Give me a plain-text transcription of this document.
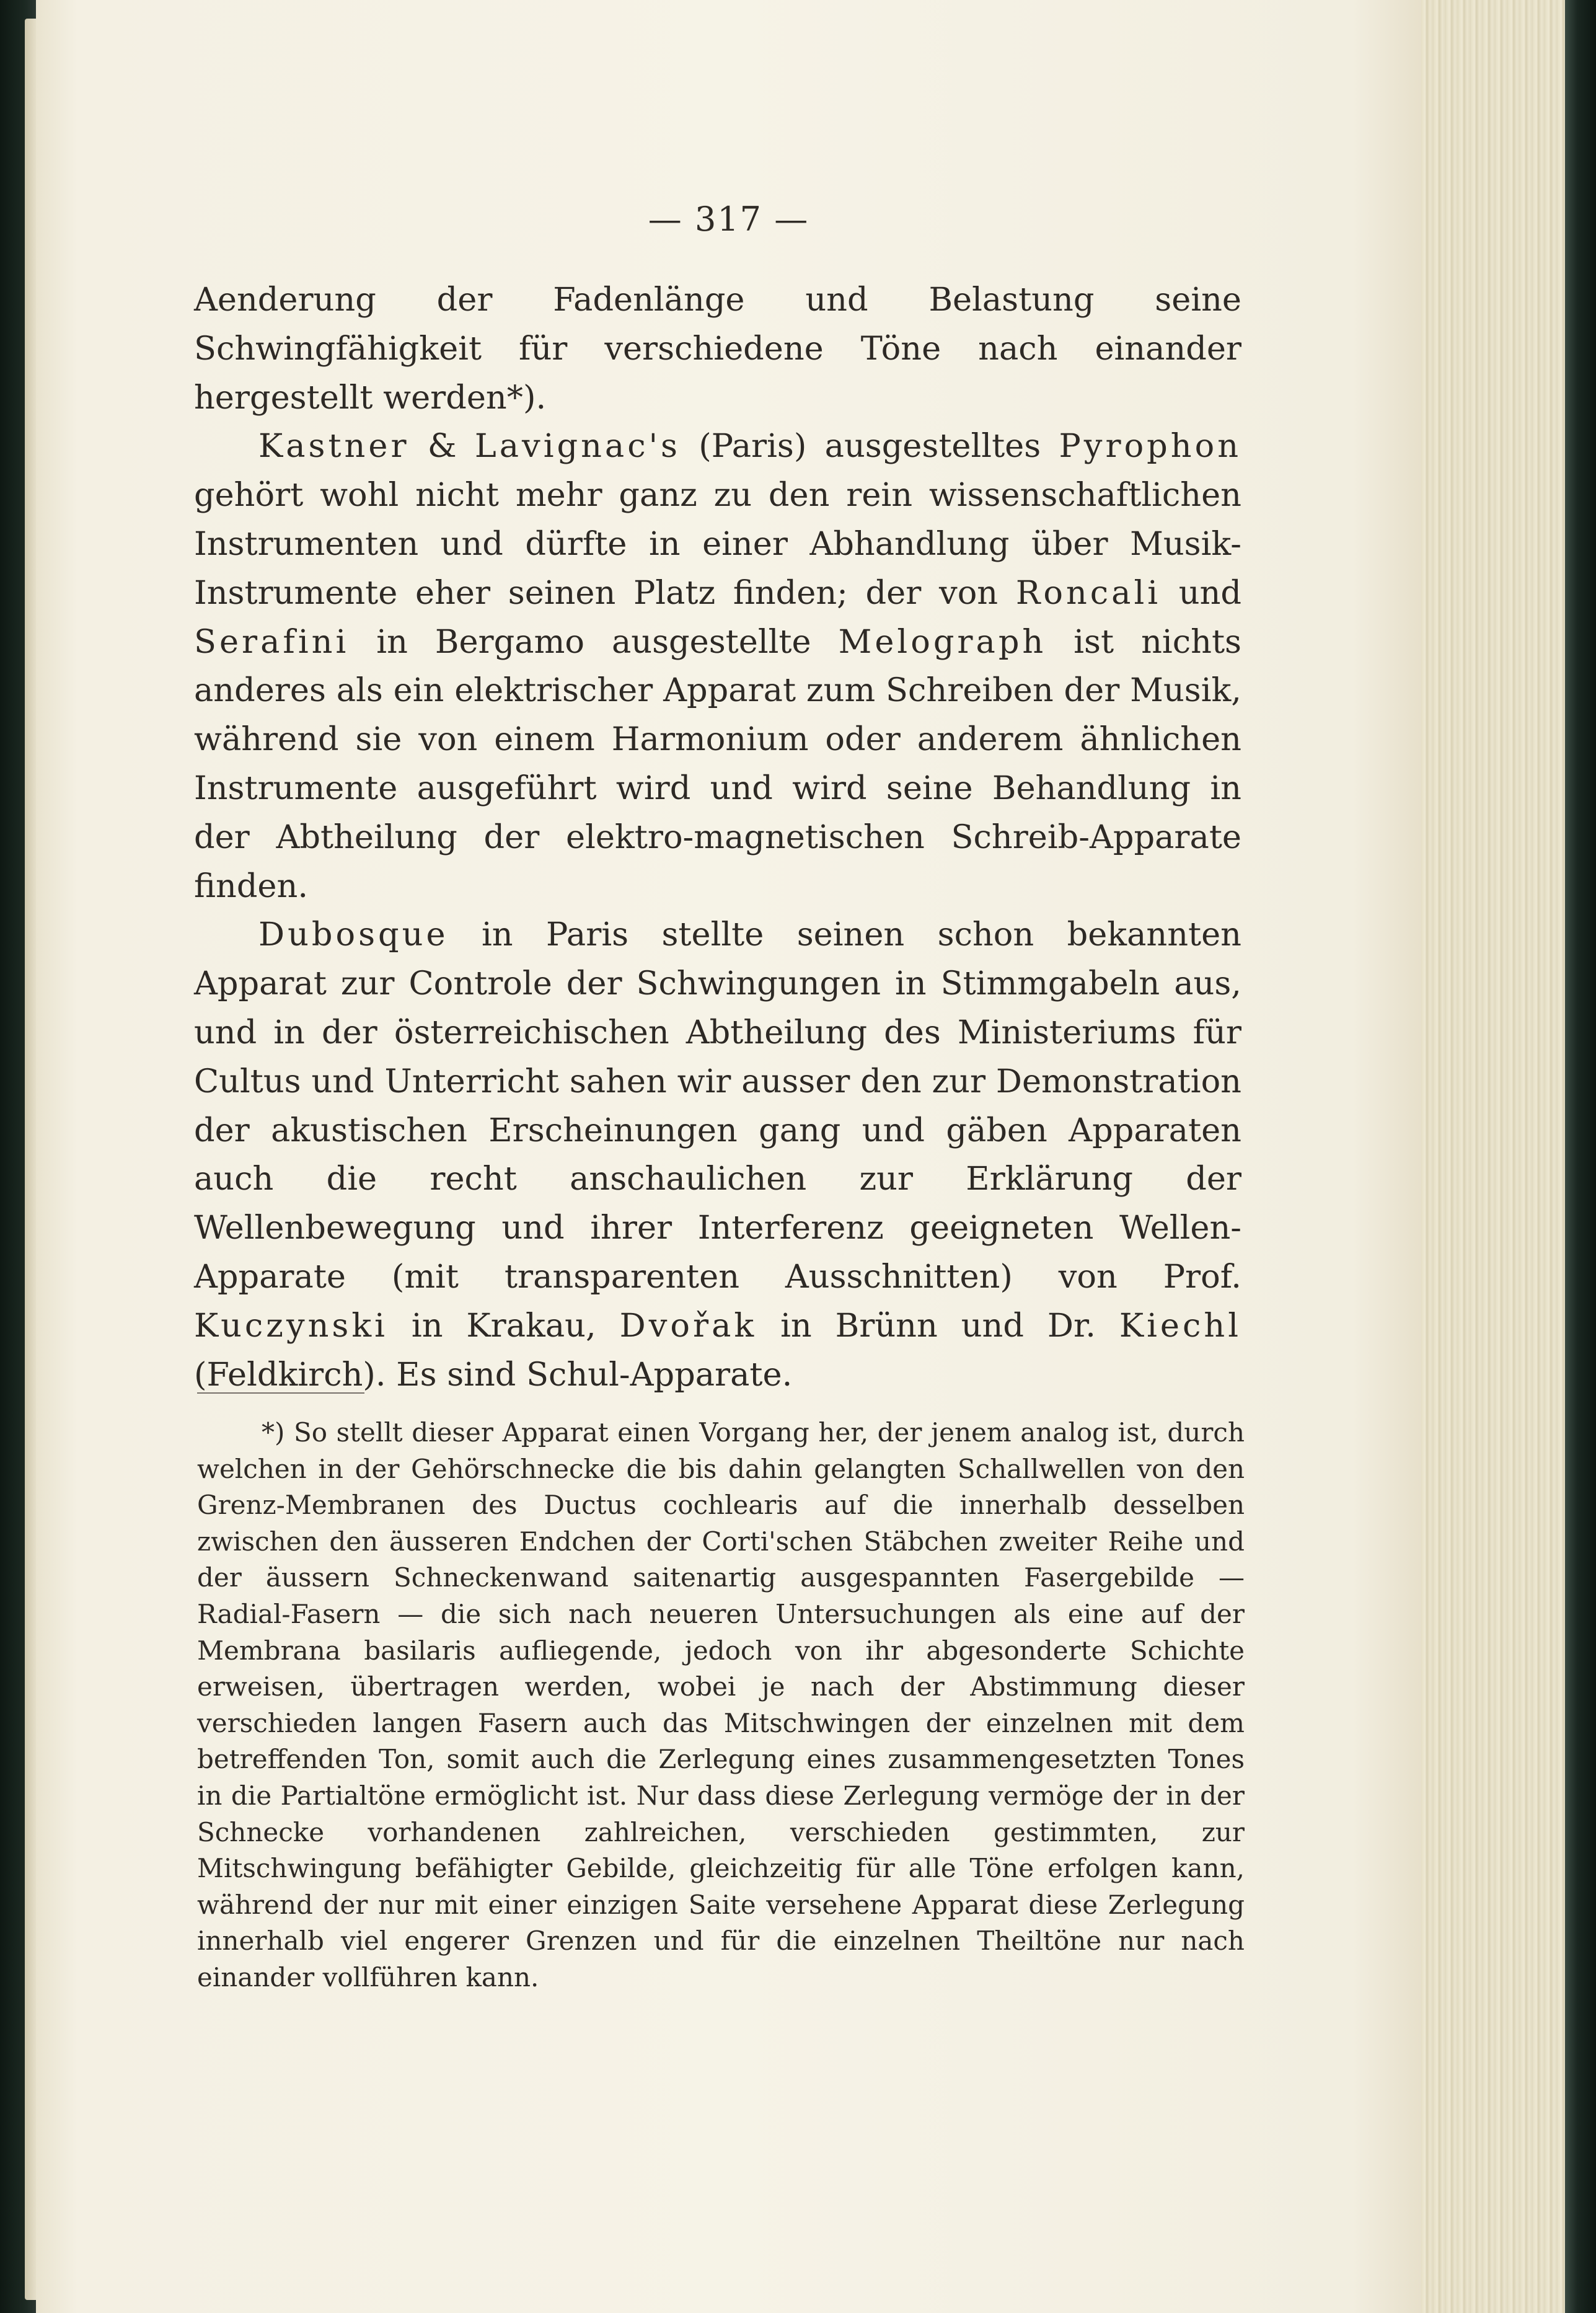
— 317 —

Aenderung der Fadenlänge und Belastung seine Schwingfähigkeit für verschiedene Töne nach einander hergestellt werden*).

Kastner & Lavignac's (Paris) ausgestelltes Pyrophon gehört wohl nicht mehr ganz zu den rein wissenschaftlichen Instrumenten und dürfte in einer Abhandlung über Musik-Instrumente eher seinen Platz finden; der von Roncali und Serafini in Bergamo ausgestellte Melograph ist nichts anderes als ein elektrischer Apparat zum Schreiben der Musik, während sie von einem Harmonium oder anderem ähnlichen Instrumente ausgeführt wird und wird seine Behandlung in der Abtheilung der elektro-magnetischen Schreib-Apparate finden.

Dubosque in Paris stellte seinen schon bekannten Apparat zur Controle der Schwingungen in Stimmgabeln aus, und in der österreichischen Abtheilung des Ministeriums für Cultus und Unterricht sahen wir ausser den zur Demonstration der akustischen Erscheinungen gang und gäben Apparaten auch die recht anschaulichen zur Erklärung der Wellenbewegung und ihrer Interferenz geeigneten Wellen-Apparate (mit transparenten Ausschnitten) von Prof. Kuczynski in Krakau, Dvořak in Brünn und Dr. Kiechl (Feldkirch). Es sind Schul-Apparate.

*) So stellt dieser Apparat einen Vorgang her, der jenem analog ist, durch welchen in der Gehörschnecke die bis dahin gelangten Schallwellen von den Grenz-Membranen des Ductus cochlearis auf die innerhalb desselben zwischen den äusseren Endchen der Corti'schen Stäbchen zweiter Reihe und der äussern Schneckenwand saitenartig ausgespannten Fasergebilde — Radial-Fasern — die sich nach neueren Untersuchungen als eine auf der Membrana basilaris aufliegende, jedoch von ihr abgesonderte Schichte erweisen, übertragen werden, wobei je nach der Abstimmung dieser verschieden langen Fasern auch das Mitschwingen der einzelnen mit dem betreffenden Ton, somit auch die Zerlegung eines zusammengesetzten Tones in die Partialtöne ermöglicht ist. Nur dass diese Zerlegung vermöge der in der Schnecke vorhandenen zahlreichen, verschieden gestimmten, zur Mitschwingung befähigter Gebilde, gleichzeitig für alle Töne erfolgen kann, während der nur mit einer einzigen Saite versehene Apparat diese Zerlegung innerhalb viel engerer Grenzen und für die einzelnen Theiltöne nur nach einander vollführen kann.
